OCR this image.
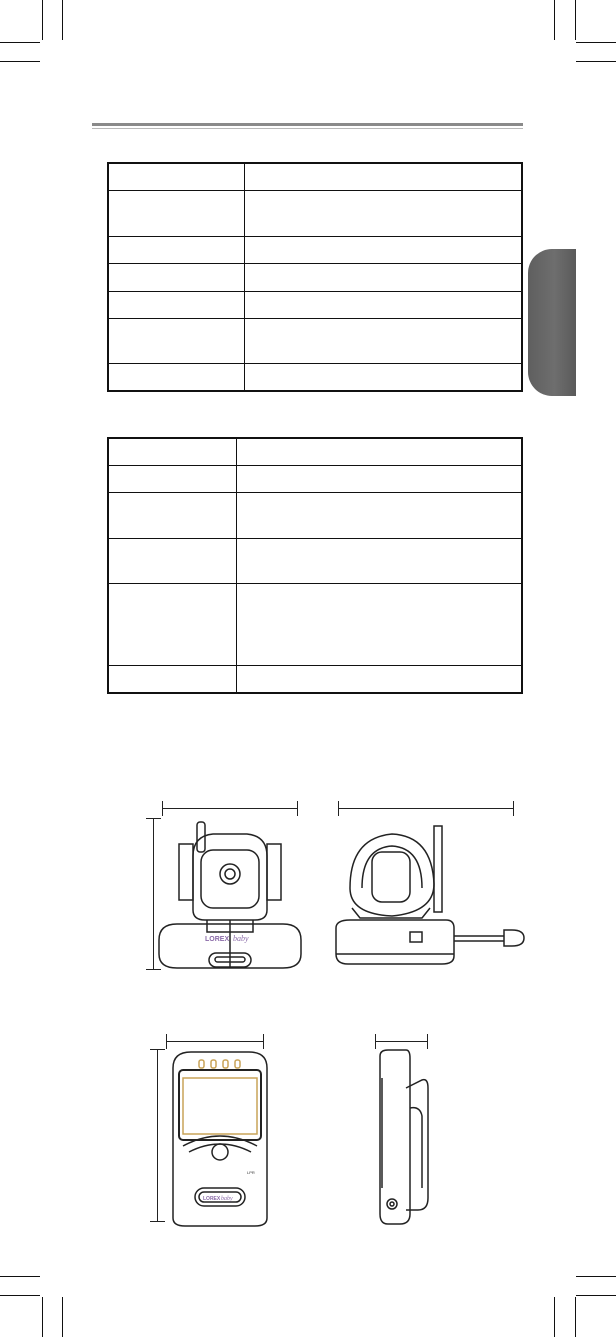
LOREX baby
LOREX baby
LPR
